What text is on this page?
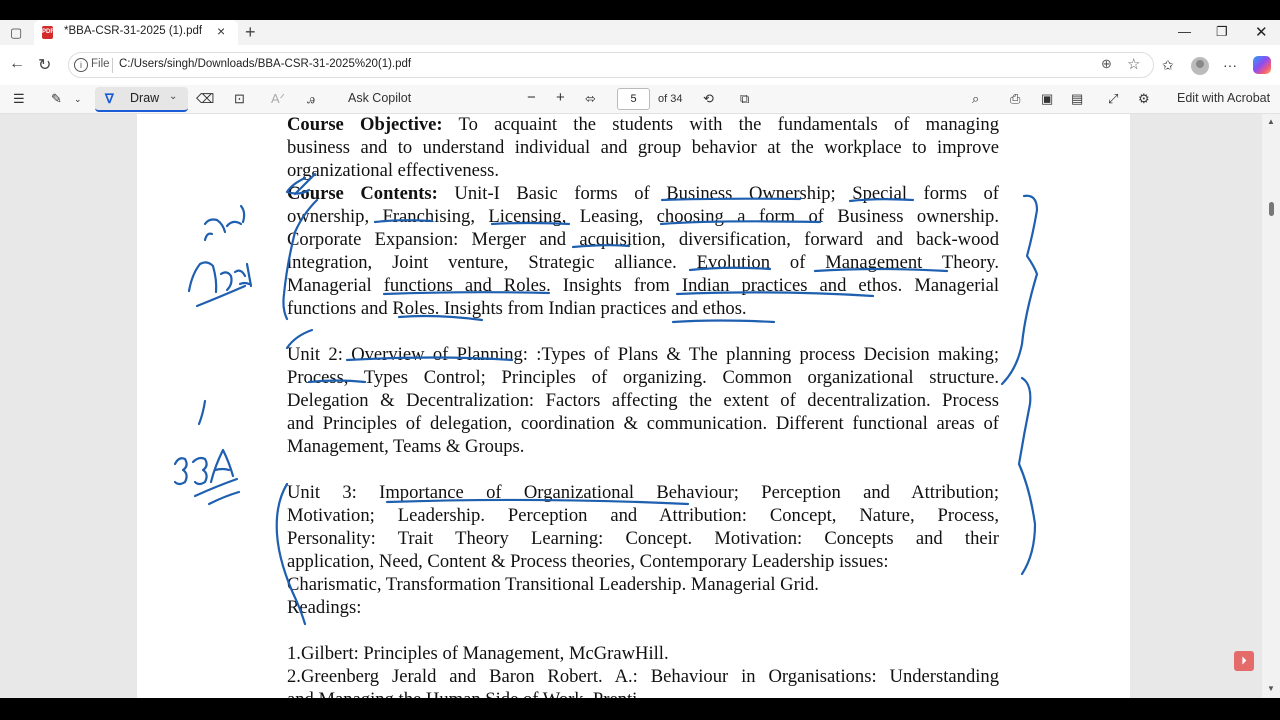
▢	PDF *BBA-CSR-31-2025 (1).pdf × +	— ❐ ✕
← ↻	i File C:/Users/singh/Downloads/BBA-CSR-31-2025%20(1).pdf	⊕ ☆ ✩	···
☰ ✎ ⌄ ∇ Draw ⌄ ⌫ ⊡ Aᐟ ꭿ	Ask Copilot	− + ⬄	5	of 34 ⟲ ⧉	⌕ ⎙ ▣ ▤ ⤢ ⚙ Edit with Acrobat
Course Objective: To acquaint the students with the fundamentals of managing
business and to understand individual and group behavior at the workplace to improve
organizational effectiveness.
Course Contents: Unit-I Basic forms of Business Ownership; Special forms of
ownership, Franchising, Licensing, Leasing, choosing a form of Business ownership.
Corporate Expansion: Merger and acquisition, diversification, forward and back-wood
integration, Joint venture, Strategic alliance. Evolution of Management Theory.
Managerial functions and Roles. Insights from Indian practices and ethos. Managerial
functions and Roles. Insights from Indian practices and ethos.
Unit 2: Overview of Planning: :Types of Plans & The planning process Decision making;
Process, Types Control; Principles of organizing. Common organizational structure.
Delegation & Decentralization: Factors affecting the extent of decentralization. Process
and Principles of delegation, coordination & communication. Different functional areas of
Management, Teams & Groups.
Unit 3: Importance of Organizational Behaviour; Perception and Attribution;
Motivation; Leadership. Perception and Attribution: Concept, Nature, Process,
Personality: Trait Theory Learning: Concept. Motivation: Concepts and their
application, Need, Content & Process theories, Contemporary Leadership issues:
Charismatic, Transformation Transitional Leadership. Managerial Grid.
Readings:
1.Gilbert: Principles of Management, McGrawHill.
2.Greenberg Jerald and Baron Robert. A.: Behaviour in Organisations: Understanding
▲
▼
⏵
